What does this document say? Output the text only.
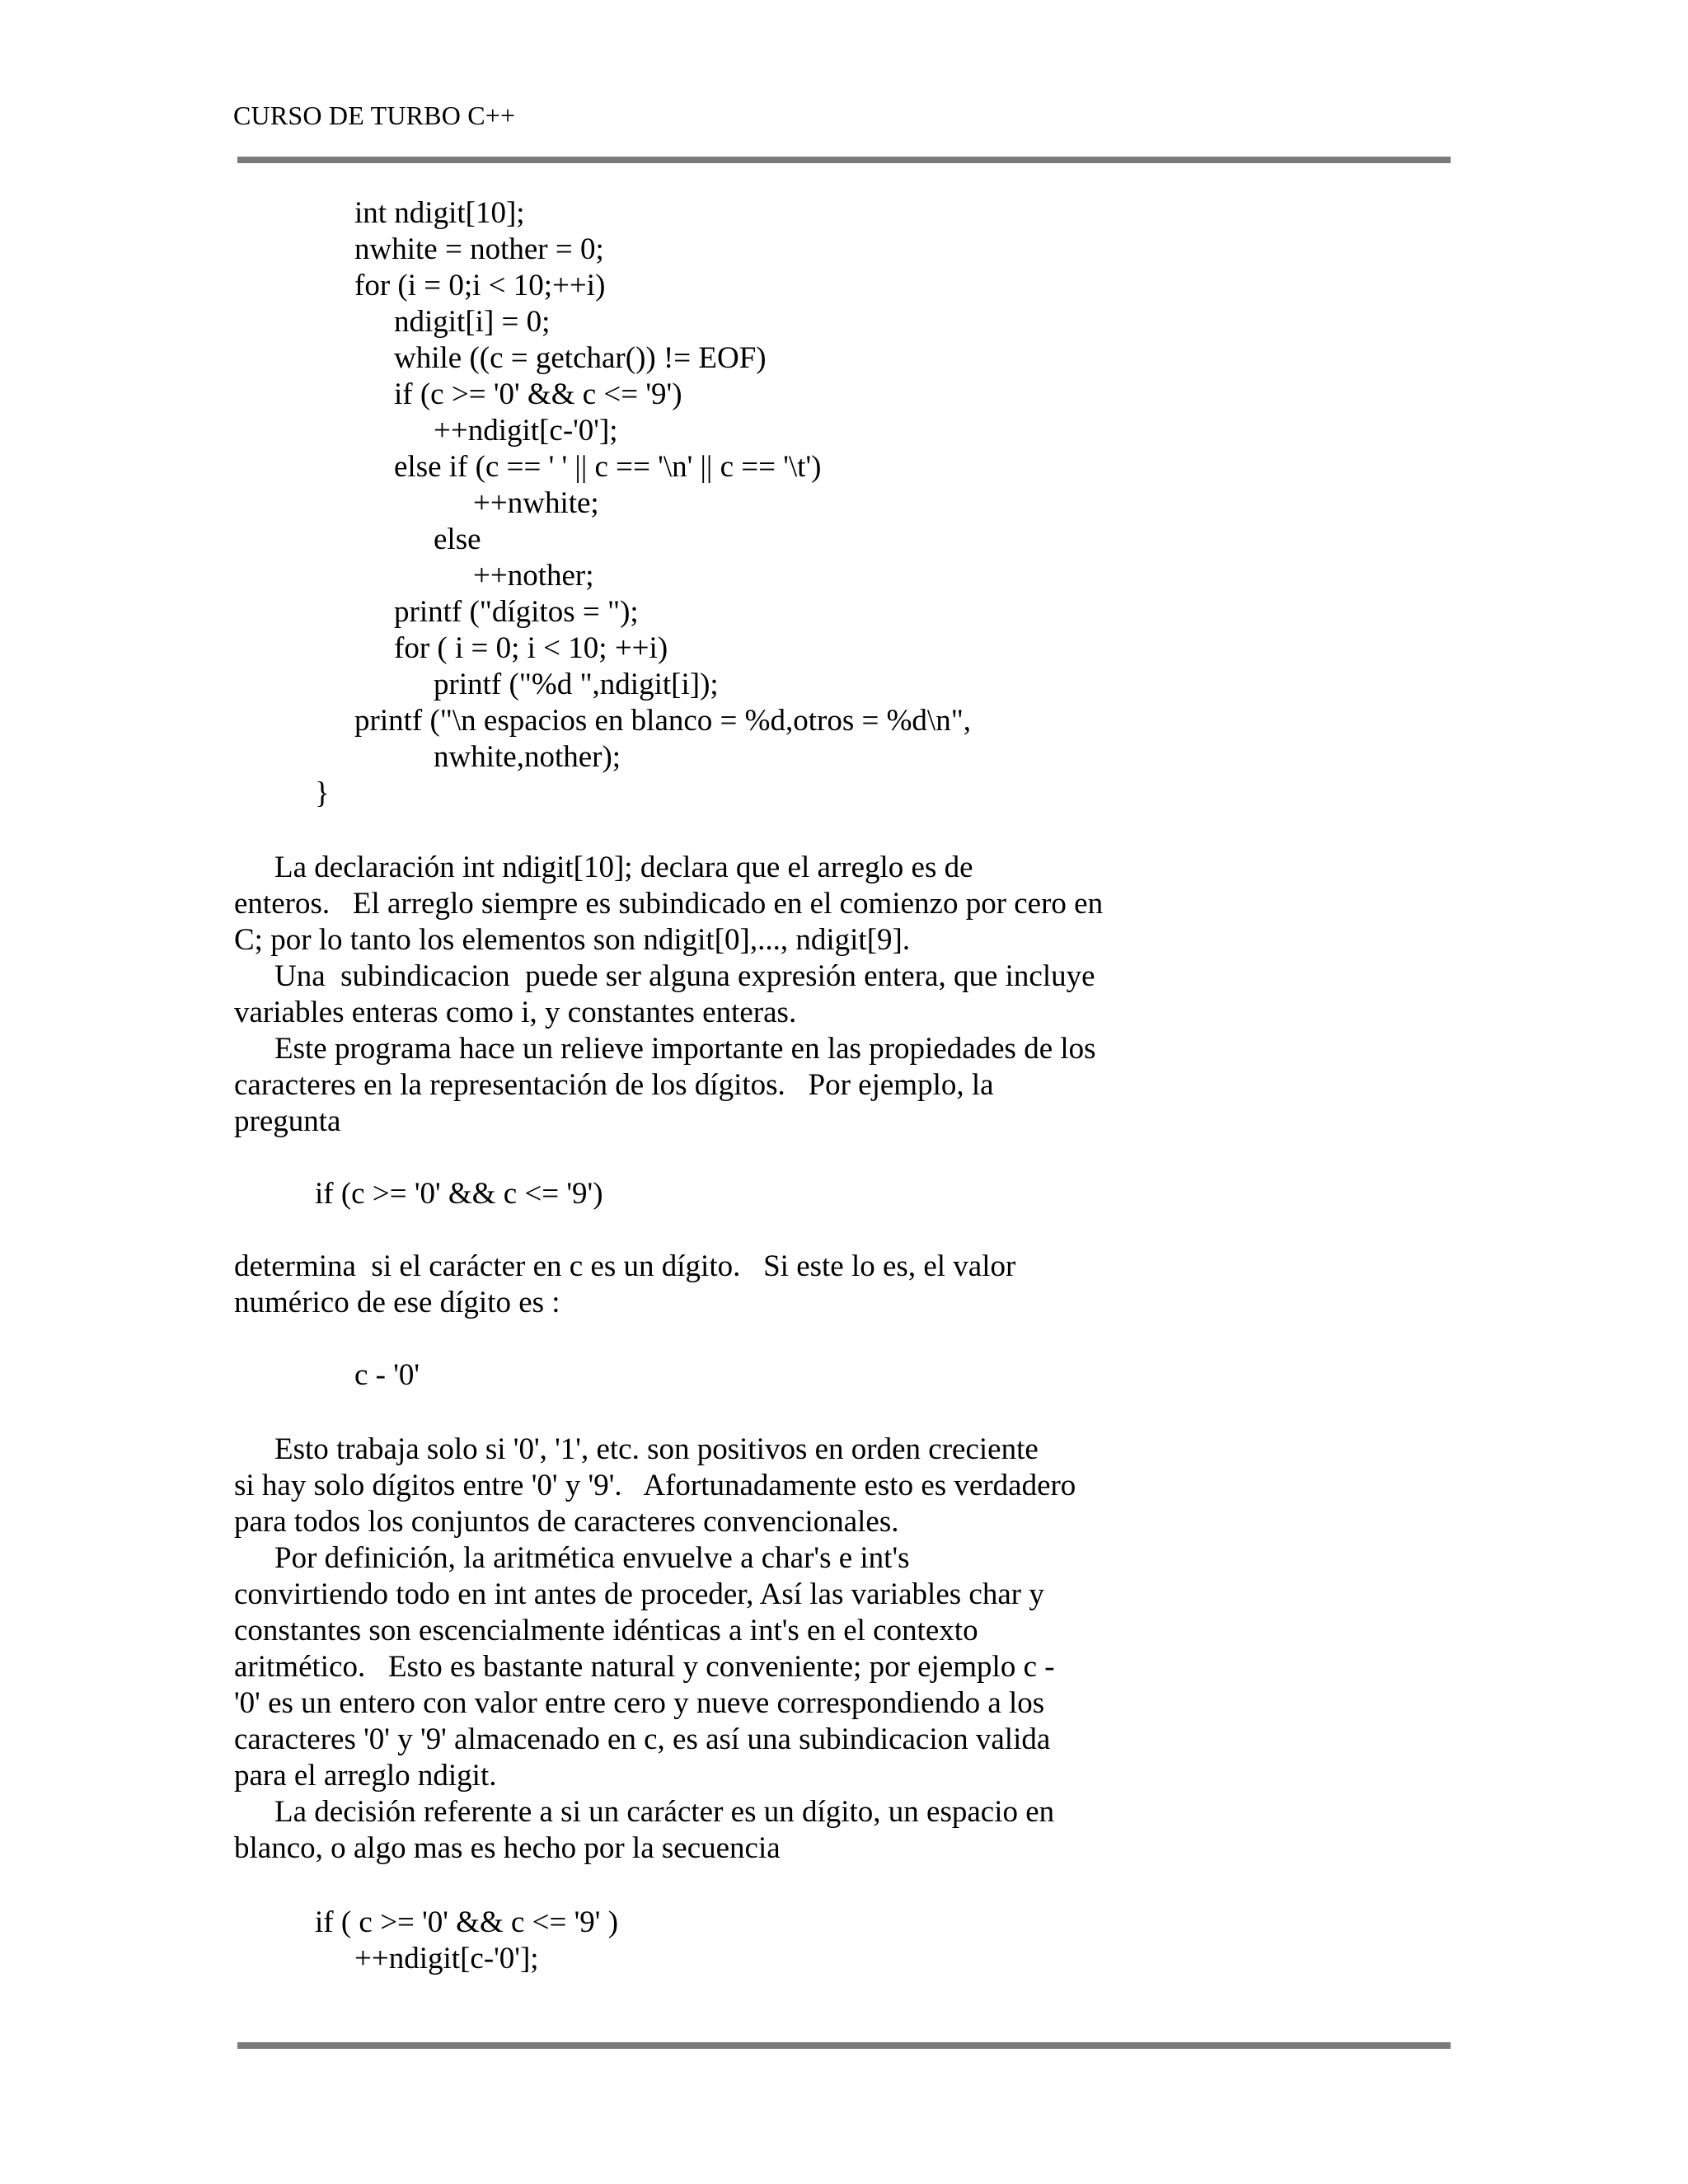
CURSO DE TURBO C++
int ndigit[10];
nwhite = nother = 0;
for (i = 0;i < 10;++i)
ndigit[i] = 0;
while ((c = getchar()) != EOF)
if (c >= '0' && c <= '9')
++ndigit[c-'0'];
else if (c == ' ' || c == '\n' || c == '\t')
++nwhite;
else
++nother;
printf ("dígitos = ");
for ( i = 0; i < 10; ++i)
printf ("%d ",ndigit[i]);
printf ("\n espacios en blanco = %d,otros = %d\n",
nwhite,nother);
}
La declaración int ndigit[10]; declara que el arreglo es de
enteros.   El arreglo siempre es subindicado en el comienzo por cero en
C; por lo tanto los elementos son ndigit[0],..., ndigit[9].
Una  subindicacion  puede ser alguna expresión entera, que incluye
variables enteras como i, y constantes enteras.
Este programa hace un relieve importante en las propiedades de los
caracteres en la representación de los dígitos.   Por ejemplo, la
pregunta
if (c >= '0' && c <= '9')
determina  si el carácter en c es un dígito.   Si este lo es, el valor
numérico de ese dígito es :
c - '0'
Esto trabaja solo si '0', '1', etc. son positivos en orden creciente
si hay solo dígitos entre '0' y '9'.   Afortunadamente esto es verdadero
para todos los conjuntos de caracteres convencionales.
Por definición, la aritmética envuelve a char's e int's
convirtiendo todo en int antes de proceder, Así las variables char y
constantes son escencialmente idénticas a int's en el contexto
aritmético.   Esto es bastante natural y conveniente; por ejemplo c -
'0' es un entero con valor entre cero y nueve correspondiendo a los
caracteres '0' y '9' almacenado en c, es así una subindicacion valida
para el arreglo ndigit.
La decisión referente a si un carácter es un dígito, un espacio en
blanco, o algo mas es hecho por la secuencia
if ( c >= '0' && c <= '9' )
++ndigit[c-'0'];
